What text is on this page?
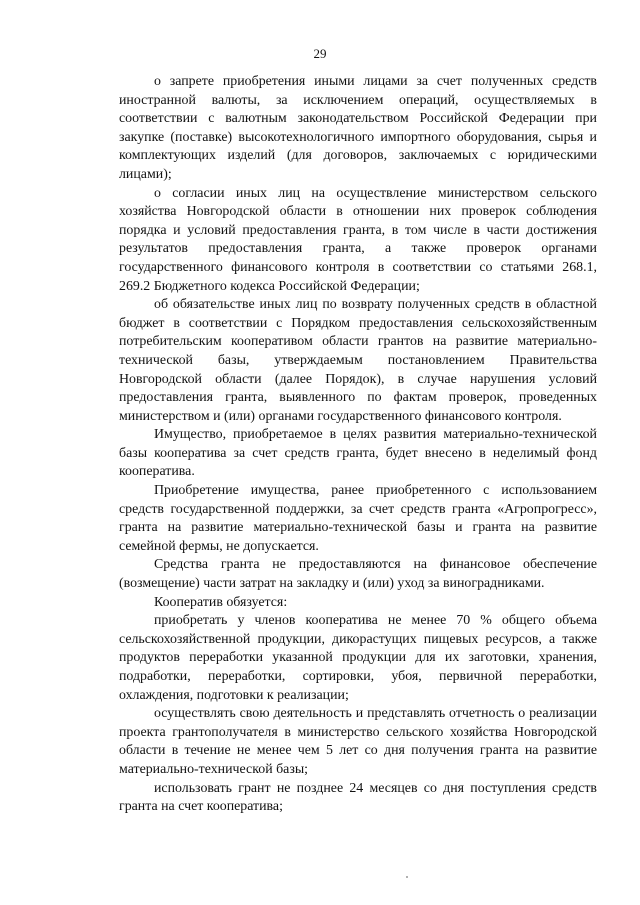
29

о запрете приобретения иными лицами за счет полученных средств иностранной валюты, за исключением операций, осуществляемых в соответствии с валютным законодательством Российской Федерации при закупке (поставке) высокотехнологичного импортного оборудования, сырья и комплектующих изделий (для договоров, заключаемых с юридическими лицами);

о согласии иных лиц на осуществление министерством сельского хозяйства Новгородской области в отношении них проверок соблюдения порядка и условий предоставления гранта, в том числе в части достижения результатов предоставления гранта, а также проверок органами государственного финансового контроля в соответствии со статьями 268.1, 269.2 Бюджетного кодекса Российской Федерации;

об обязательстве иных лиц по возврату полученных средств в областной бюджет в соответствии с Порядком предоставления сельскохозяйственным потребительским кооперативом области грантов на развитие материально-технической базы, утверждаемым постановлением Правительства Новгородской области (далее Порядок), в случае нарушения условий предоставления гранта, выявленного по фактам проверок, проведенных министерством и (или) органами государственного финансового контроля.

Имущество, приобретаемое в целях развития материально-технической базы кооператива за счет средств гранта, будет внесено в неделимый фонд кооператива.

Приобретение имущества, ранее приобретенного с использованием средств государственной поддержки, за счет средств гранта «Агропрогресс», гранта на развитие материально-технической базы и гранта на развитие семейной фермы, не допускается.

Средства гранта не предоставляются на финансовое обеспечение (возмещение) части затрат на закладку и (или) уход за виноградниками.

Кооператив обязуется:

приобретать у членов кооператива не менее 70 % общего объема сельскохозяйственной продукции, дикорастущих пищевых ресурсов, а также продуктов переработки указанной продукции для их заготовки, хранения, подработки, переработки, сортировки, убоя, первичной переработки, охлаждения, подготовки к реализации;

осуществлять свою деятельность и представлять отчетность о реализации проекта грантополучателя в министерство сельского хозяйства Новгородской области в течение не менее чем 5 лет со дня получения гранта на развитие материально-технической базы;

использовать грант не позднее 24 месяцев со дня поступления средств гранта на счет кооператива;
